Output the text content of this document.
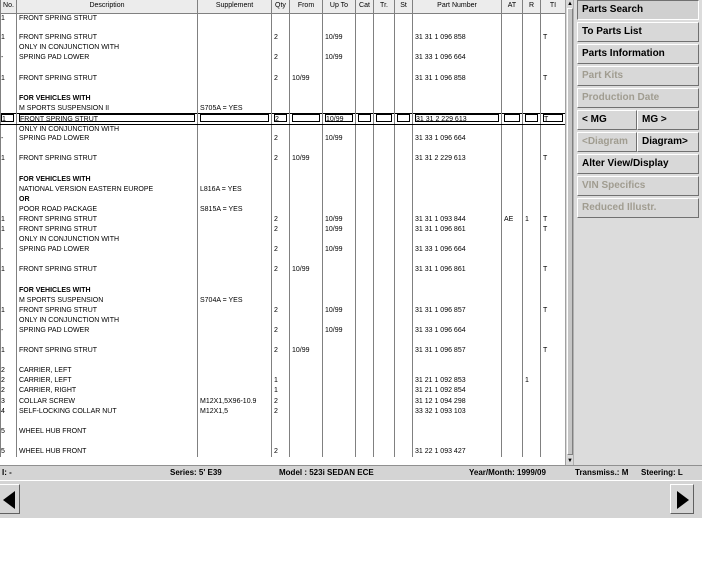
No.	Description	Supplement	Qty	From	Up To	Cat	Tr.	St	Part Number	AT	R	TI
1	FRONT SPRING STRUT											

1	FRONT SPRING STRUT		2		10/99				31 31 1 096 858			T
	ONLY IN CONJUNCTION WITH											
-	SPRING PAD LOWER		2		10/99				31 33 1 096 664			

1	FRONT SPRING STRUT		2	10/99					31 31 1 096 858			T

	FOR VEHICLES WITH											
	M SPORTS SUSPENSION II	S705A = YES										

1	FRONT SPRING STRUT		2		10/99				31 31 2 229 613			T

	ONLY IN CONJUNCTION WITH											
-	SPRING PAD LOWER		2		10/99				31 33 1 096 664			

1	FRONT SPRING STRUT		2	10/99					31 31 2 229 613			T

	FOR VEHICLES WITH											
	NATIONAL VERSION EASTERN EUROPE	L816A = YES										
	OR											
	POOR ROAD PACKAGE	S815A = YES										
1	FRONT SPRING STRUT		2		10/99				31 31 1 093 844	AE	1	T
1	FRONT SPRING STRUT		2		10/99				31 31 1 096 861			T
	ONLY IN CONJUNCTION WITH											
-	SPRING PAD LOWER		2		10/99				31 33 1 096 664			

1	FRONT SPRING STRUT		2	10/99					31 31 1 096 861			T

	FOR VEHICLES WITH											
	M SPORTS SUSPENSION	S704A = YES										
1	FRONT SPRING STRUT		2		10/99				31 31 1 096 857			T
	ONLY IN CONJUNCTION WITH											
-	SPRING PAD LOWER		2		10/99				31 33 1 096 664			

1	FRONT SPRING STRUT		2	10/99					31 31 1 096 857			T

2	CARRIER, LEFT											
2	CARRIER, LEFT		1						31 21 1 092 853		1	
2	CARRIER, RIGHT		1						31 21 1 092 854			
3	COLLAR SCREW	M12X1,5X96-10.9	2						31 12 1 094 298			
4	SELF-LOCKING COLLAR NUT	M12X1,5	2						33 32 1 093 103			

5	WHEEL HUB FRONT											

5	WHEEL HUB FRONT		2						31 22 1 093 427			
▲
▼
Parts Search
To Parts List
Parts Information
Part Kits
Production Date
< MG	MG >
<Diagram	Diagram>
Alter View/Display
VIN Specifics
Reduced Illustr.
I: -	Series: 5' E39	Model : 523i SEDAN ECE	Year/Month: 1999/09	Transmiss.: M Steering: L
